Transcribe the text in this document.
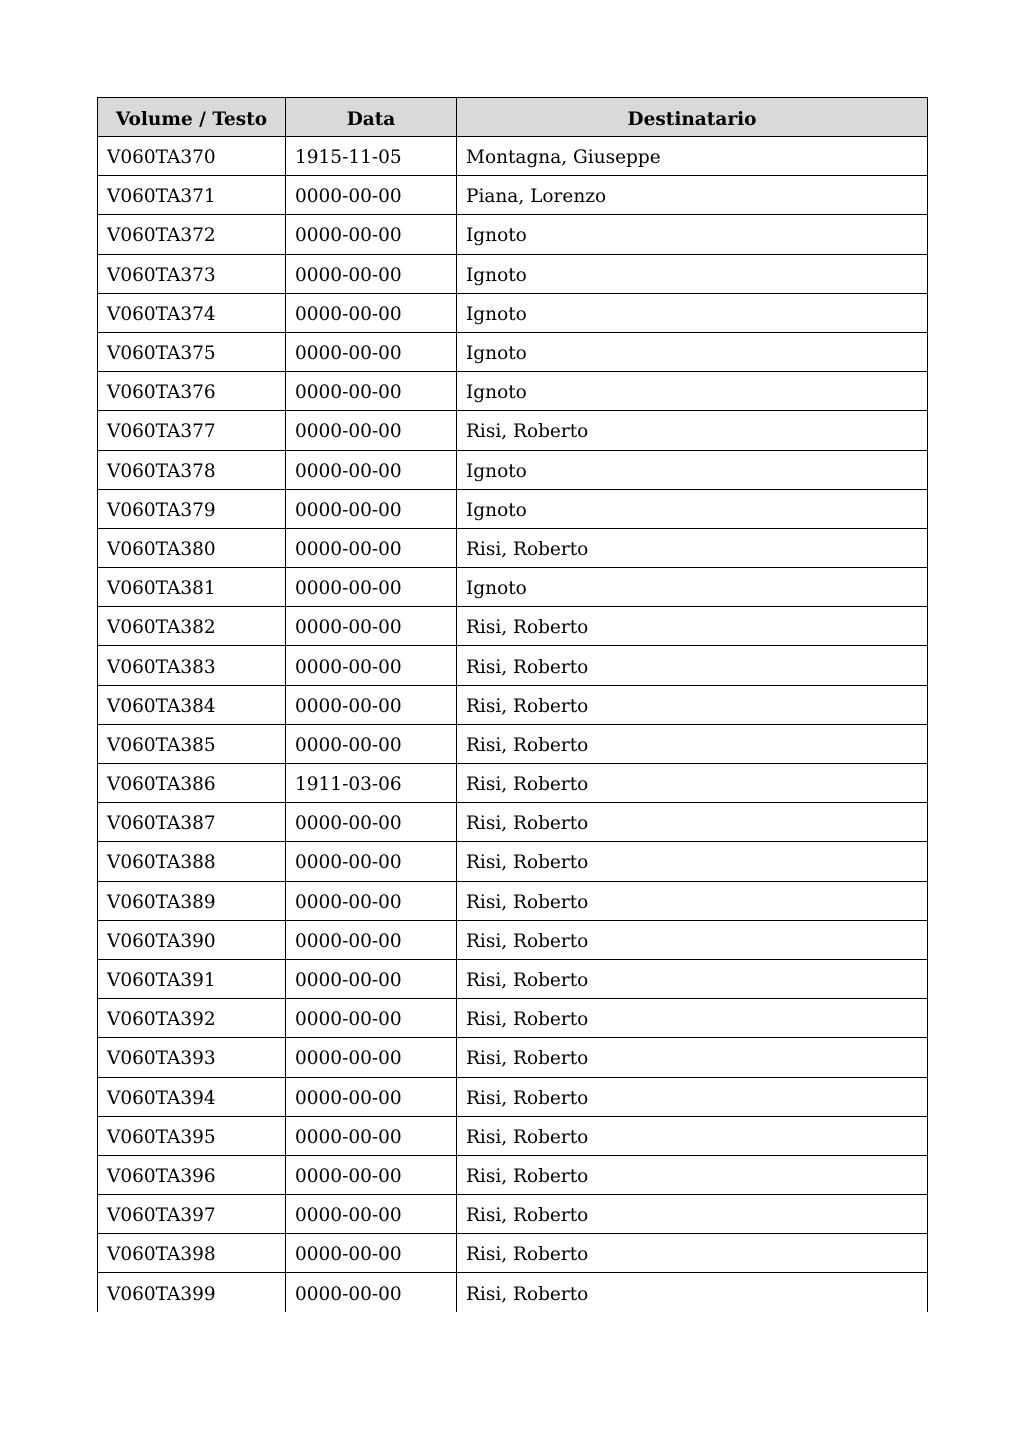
Volume / Testo	Data	Destinatario
V060TA370	1915-11-05	Montagna, Giuseppe
V060TA371	0000-00-00	Piana, Lorenzo
V060TA372	0000-00-00	Ignoto
V060TA373	0000-00-00	Ignoto
V060TA374	0000-00-00	Ignoto
V060TA375	0000-00-00	Ignoto
V060TA376	0000-00-00	Ignoto
V060TA377	0000-00-00	Risi, Roberto
V060TA378	0000-00-00	Ignoto
V060TA379	0000-00-00	Ignoto
V060TA380	0000-00-00	Risi, Roberto
V060TA381	0000-00-00	Ignoto
V060TA382	0000-00-00	Risi, Roberto
V060TA383	0000-00-00	Risi, Roberto
V060TA384	0000-00-00	Risi, Roberto
V060TA385	0000-00-00	Risi, Roberto
V060TA386	1911-03-06	Risi, Roberto
V060TA387	0000-00-00	Risi, Roberto
V060TA388	0000-00-00	Risi, Roberto
V060TA389	0000-00-00	Risi, Roberto
V060TA390	0000-00-00	Risi, Roberto
V060TA391	0000-00-00	Risi, Roberto
V060TA392	0000-00-00	Risi, Roberto
V060TA393	0000-00-00	Risi, Roberto
V060TA394	0000-00-00	Risi, Roberto
V060TA395	0000-00-00	Risi, Roberto
V060TA396	0000-00-00	Risi, Roberto
V060TA397	0000-00-00	Risi, Roberto
V060TA398	0000-00-00	Risi, Roberto
V060TA399	0000-00-00	Risi, Roberto
